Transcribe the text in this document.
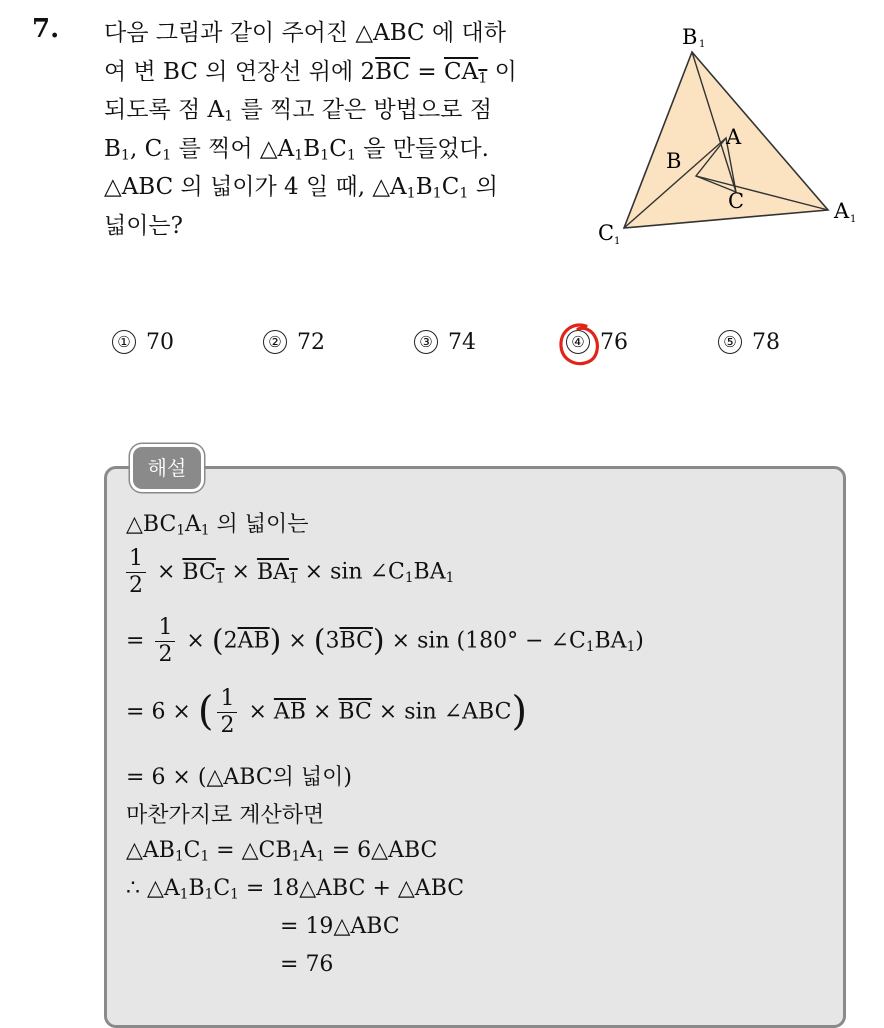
7. 다음 그림과 같이 주어진 △ABC 에 대하
여 변 BC 의 연장선 위에 $2\overline{BC} = CA_1$ 이
되도록 점 $A_1$ 를 찍고 같은 방법으로 점
$B_1$, $C_1$ 를 찍어 $\triangle A_1B_1C_1$ 을 만들었다.
△ABC 의 넓이가 4 일 때, $\triangle A_1B_1C_1$ 의
넓이는?
B 1
A
B
C	A 1
C 1
① 70	② 72	③ 74	④ 76	⑤ 78
해설
$\triangle BC_1A_1$ 의 넓이는
$\frac{1}{2} \times BC_1 \times BA_1 \times \sin$ $\angle C_1BA_1$
= $\frac{1}{2} \times (2\overline{AB}) \times (3\overline{BC}) \times \sin (180^\circ$ − $\angle C_1BA_1$)
= 6 × ( $\frac{1}{2} \times \overline{AB} \times \overline{BC} \times \sin$ ∠ABC)
= 6 × (△ABC의 넓이)
마찬가지로 계산하면
$\triangle AB_1C_1$ = $\triangle CB_1A_1$ = 6△ABC
∴ $\triangle A_1B_1C_1$ = 18△ABC + △ABC
= 19△ABC
= 76
